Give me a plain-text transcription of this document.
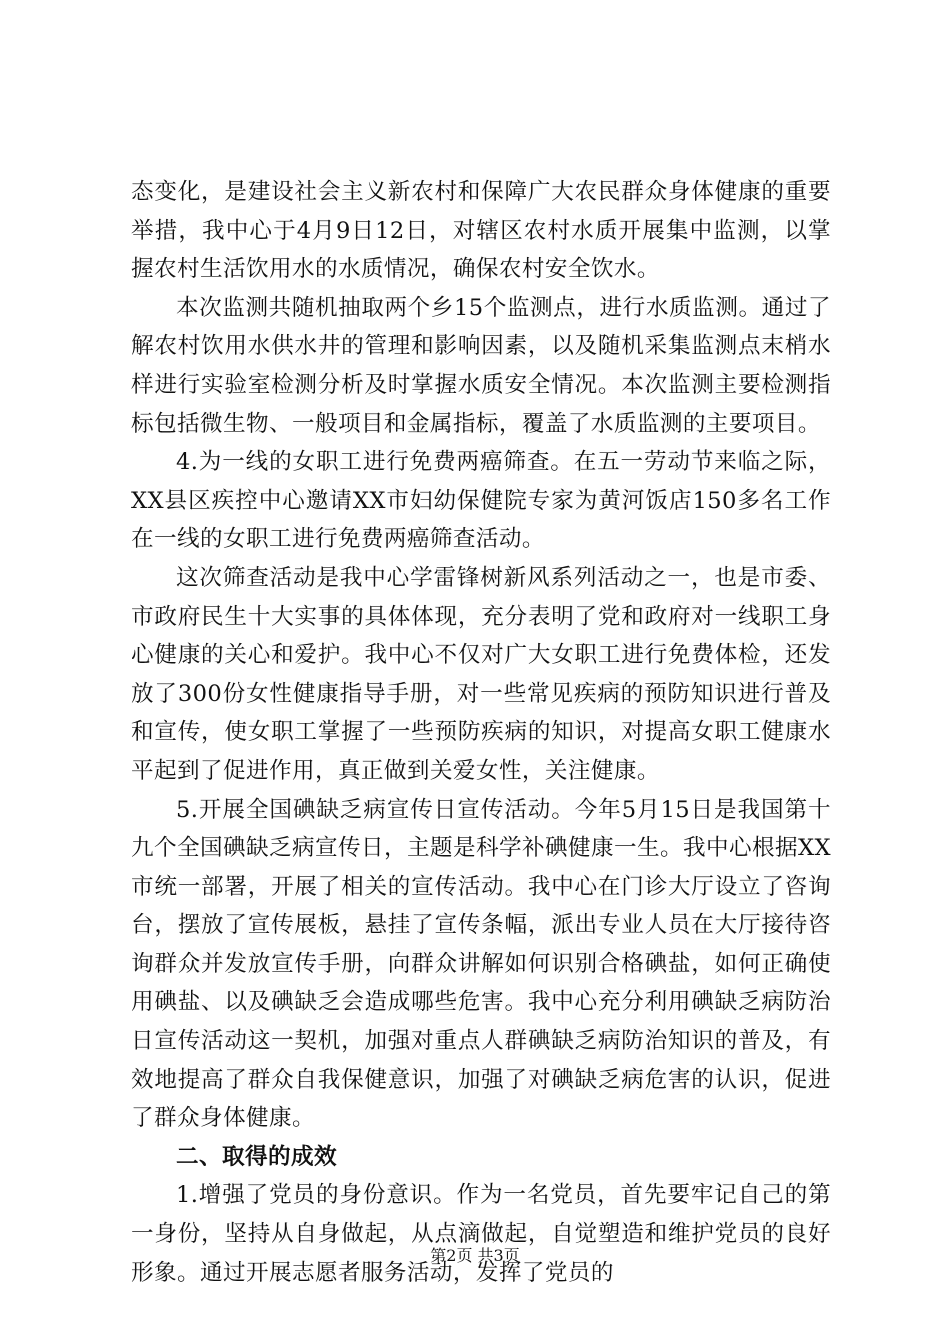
态变化，是建设社会主义新农村和保障广大农民群众身体健康的重要举措，我中心于4月9日12日，对辖区农村水质开展集中监测，以掌握农村生活饮用水的水质情况，确保农村安全饮水。

本次监测共随机抽取两个乡15个监测点，进行水质监测。通过了解农村饮用水供水井的管理和影响因素，以及随机采集监测点末梢水样进行实验室检测分析及时掌握水质安全情况。本次监测主要检测指标包括微生物、一般项目和金属指标，覆盖了水质监测的主要项目。

4.为一线的女职工进行免费两癌筛查。在五一劳动节来临之际，XX县区疾控中心邀请XX市妇幼保健院专家为黄河饭店150多名工作在一线的女职工进行免费两癌筛查活动。

这次筛查活动是我中心学雷锋树新风系列活动之一，也是市委、市政府民生十大实事的具体体现，充分表明了党和政府对一线职工身心健康的关心和爱护。我中心不仅对广大女职工进行免费体检，还发放了300份女性健康指导手册，对一些常见疾病的预防知识进行普及和宣传，使女职工掌握了一些预防疾病的知识，对提高女职工健康水平起到了促进作用，真正做到关爱女性，关注健康。

5.开展全国碘缺乏病宣传日宣传活动。今年5月15日是我国第十九个全国碘缺乏病宣传日，主题是科学补碘健康一生。我中心根据XX市统一部署，开展了相关的宣传活动。我中心在门诊大厅设立了咨询台，摆放了宣传展板，悬挂了宣传条幅，派出专业人员在大厅接待咨询群众并发放宣传手册，向群众讲解如何识别合格碘盐，如何正确使用碘盐、以及碘缺乏会造成哪些危害。我中心充分利用碘缺乏病防治日宣传活动这一契机，加强对重点人群碘缺乏病防治知识的普及，有效地提高了群众自我保健意识，加强了对碘缺乏病危害的认识，促进了群众身体健康。

二、取得的成效

1.增强了党员的身份意识。作为一名党员，首先要牢记自己的第一身份，坚持从自身做起，从点滴做起，自觉塑造和维护党员的良好形象。通过开展志愿者服务活动，发挥了党员的

第2页 共3页
